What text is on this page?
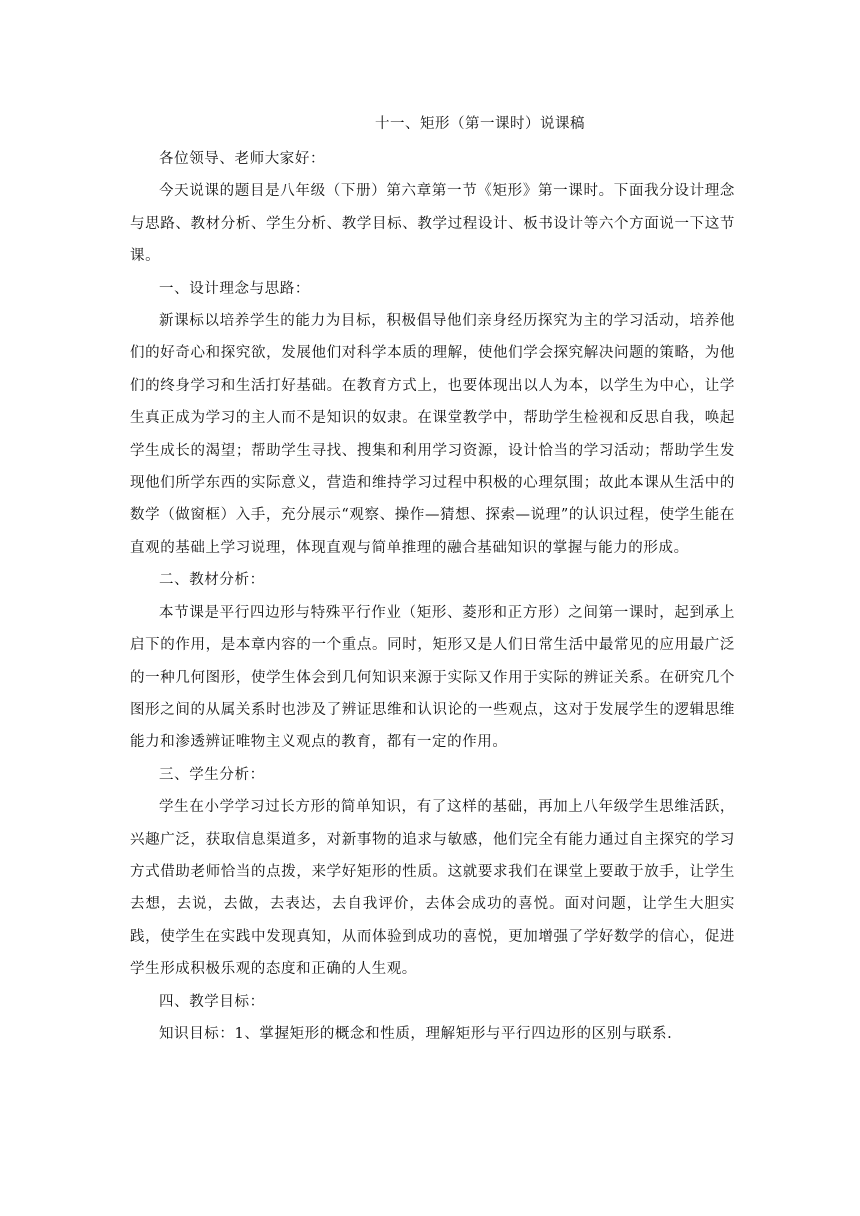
十一、矩形（第一课时）说课稿

各位领导、老师大家好：

今天说课的题目是八年级（下册）第六章第一节《矩形》第一课时。下面我分设计理念与思路、教材分析、学生分析、教学目标、教学过程设计、板书设计等六个方面说一下这节课。

一、设计理念与思路：

新课标以培养学生的能力为目标，积极倡导他们亲身经历探究为主的学习活动，培养他们的好奇心和探究欲，发展他们对科学本质的理解，使他们学会探究解决问题的策略，为他们的终身学习和生活打好基础。在教育方式上，也要体现出以人为本，以学生为中心，让学生真正成为学习的主人而不是知识的奴隶。在课堂教学中，帮助学生检视和反思自我，唤起学生成长的渴望；帮助学生寻找、搜集和利用学习资源，设计恰当的学习活动；帮助学生发现他们所学东西的实际意义，营造和维持学习过程中积极的心理氛围；故此本课从生活中的数学（做窗框）入手，充分展示“观察、操作—猜想、探索—说理”的认识过程，使学生能在直观的基础上学习说理，体现直观与简单推理的融合基础知识的掌握与能力的形成。

二、教材分析：

本节课是平行四边形与特殊平行作业（矩形、菱形和正方形）之间第一课时，起到承上启下的作用，是本章内容的一个重点。同时，矩形又是人们日常生活中最常见的应用最广泛的一种几何图形，使学生体会到几何知识来源于实际又作用于实际的辨证关系。在研究几个图形之间的从属关系时也涉及了辨证思维和认识论的一些观点，这对于发展学生的逻辑思维能力和渗透辨证唯物主义观点的教育，都有一定的作用。

三、学生分析：

学生在小学学习过长方形的简单知识，有了这样的基础，再加上八年级学生思维活跃，兴趣广泛，获取信息渠道多，对新事物的追求与敏感，他们完全有能力通过自主探究的学习方式借助老师恰当的点拨，来学好矩形的性质。这就要求我们在课堂上要敢于放手，让学生去想，去说，去做，去表达，去自我评价，去体会成功的喜悦。面对问题，让学生大胆实践，使学生在实践中发现真知，从而体验到成功的喜悦，更加增强了学好数学的信心，促进学生形成积极乐观的态度和正确的人生观。

四、教学目标：

知识目标：1、掌握矩形的概念和性质，理解矩形与平行四边形的区别与联系.
